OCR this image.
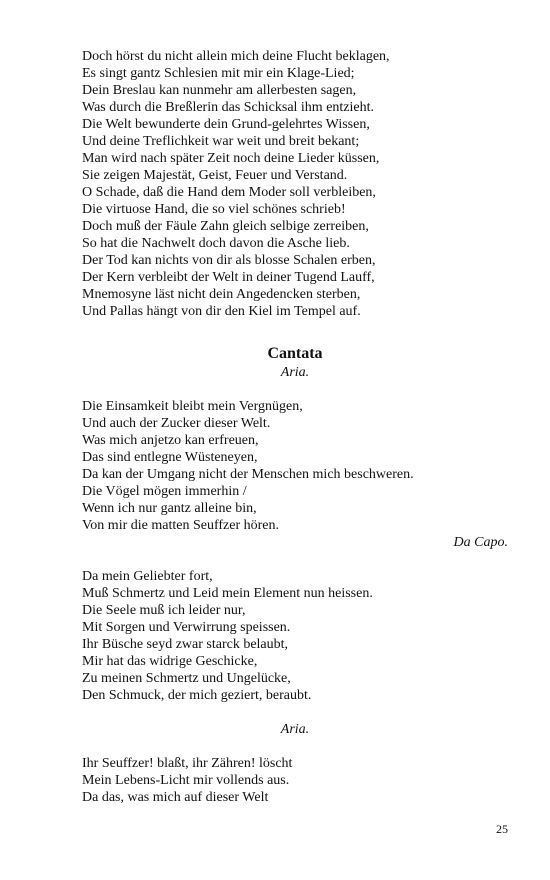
Doch hörst du nicht allein mich deine Flucht beklagen,
Es singt gantz Schlesien mit mir ein Klage-Lied;
Dein Breslau kan nunmehr am allerbesten sagen,
Was durch die Breßlerin das Schicksal ihm entzieht.
Die Welt bewunderte dein Grund-gelehrtes Wissen,
Und deine Treflichkeit war weit und breit bekant;
Man wird nach später Zeit noch deine Lieder küssen,
Sie zeigen Majestät, Geist, Feuer und Verstand.
O Schade, daß die Hand dem Moder soll verbleiben,
Die virtuose Hand, die so viel schönes schrieb!
Doch muß der Fäule Zahn gleich selbige zerreiben,
So hat die Nachwelt doch davon die Asche lieb.
Der Tod kan nichts von dir als blosse Schalen erben,
Der Kern verbleibt der Welt in deiner Tugend Lauff,
Mnemosyne läst nicht dein Angedencken sterben,
Und Pallas hängt von dir den Kiel im Tempel auf.
Cantata
Aria.
Die Einsamkeit bleibt mein Vergnügen,
Und auch der Zucker dieser Welt.
Was mich anjetzo kan erfreuen,
Das sind entlegne Wüsteneyen,
Da kan der Umgang nicht der Menschen mich beschweren.
Die Vögel mögen immerhin /
Wenn ich nur gantz alleine bin,
Von mir die matten Seuffzer hören.
Da Capo.
Da mein Geliebter fort,
Muß Schmertz und Leid mein Element nun heissen.
Die Seele muß ich leider nur,
Mit Sorgen und Verwirrung speissen.
Ihr Büsche seyd zwar starck belaubt,
Mir hat das widrige Geschicke,
Zu meinen Schmertz und Ungelücke,
Den Schmuck, der mich geziert, beraubt.
Aria.
Ihr Seuffzer! blaßt, ihr Zähren! löscht
Mein Lebens-Licht mir vollends aus.
Da das, was mich auf dieser Welt
25
